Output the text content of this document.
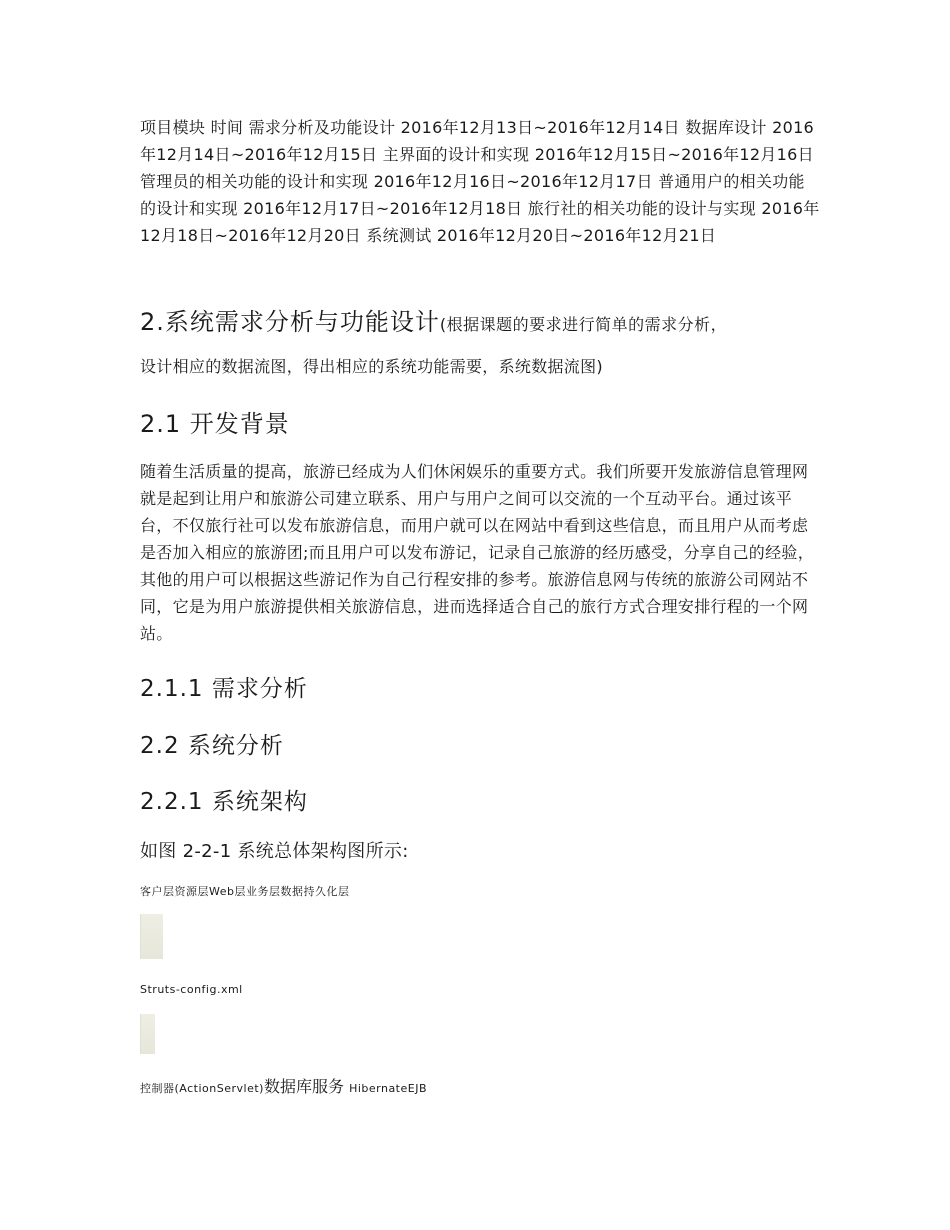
项目模块 时间 需求分析及功能设计 2016年12月13日~2016年12月14日 数据库设计 2016年12月14日~2016年12月15日 主界面的设计和实现 2016年12月15日~2016年12月16日 管理员的相关功能的设计和实现 2016年12月16日~2016年12月17日 普通用户的相关功能的设计和实现 2016年12月17日~2016年12月18日 旅行社的相关功能的设计与实现 2016年12月18日~2016年12月20日 系统测试 2016年12月20日~2016年12月21日
2.系统需求分析与功能设计(根据课题的要求进行简单的需求分析，
设计相应的数据流图，得出相应的系统功能需要，系统数据流图)
2.1 开发背景
随着生活质量的提高，旅游已经成为人们休闲娱乐的重要方式。我们所要开发旅游信息管理网就是起到让用户和旅游公司建立联系、用户与用户之间可以交流的一个互动平台。通过该平台，不仅旅行社可以发布旅游信息，而用户就可以在网站中看到这些信息，而且用户从而考虑是否加入相应的旅游团;而且用户可以发布游记，记录自己旅游的经历感受，分享自己的经验，其他的用户可以根据这些游记作为自己行程安排的参考。旅游信息网与传统的旅游公司网站不同，它是为用户旅游提供相关旅游信息，进而选择适合自己的旅行方式合理安排行程的一个网站。
2.1.1 需求分析
2.2 系统分析
2.2.1 系统架构
如图 2-2-1 系统总体架构图所示:
客户层资源层Web层业务层数据持久化层
Struts-config.xml
控制器(ActionServlet)数据库服务 HibernateEJB
